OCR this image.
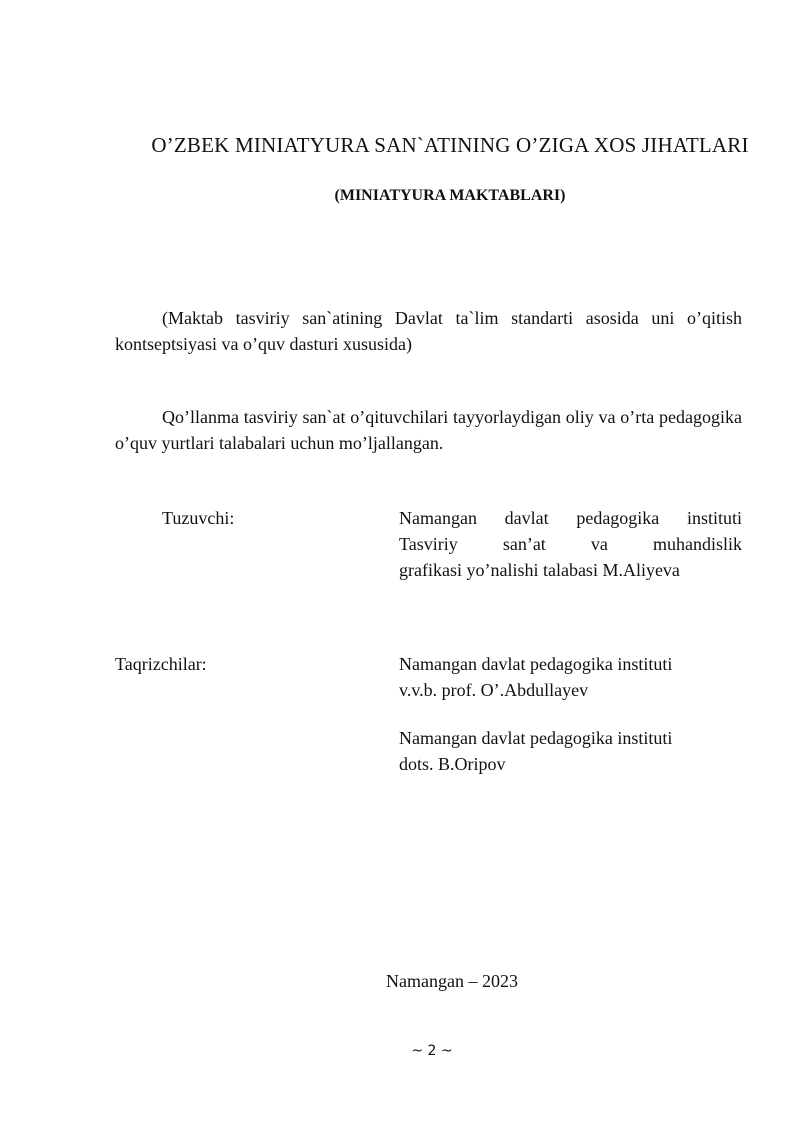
O’ZBEK MINIATYURA SAN`ATINING O’ZIGA XOS JIHATLARI
(MINIATYURA MAKTABLARI)
(Maktab tasviriy san`atining Davlat ta`lim standarti asosida uni o’qitish kontseptsiyasi va o’quv dasturi xususida)
Qo’llanma tasviriy san`at o’qituvchilari tayyorlaydigan oliy va o’rta pedagogika o’quv yurtlari talabalari uchun mo’ljallangan.
Tuzuvchi:	Namangan davlat pedagogika instituti
Tasviriy san’at va muhandislik
grafikasi yo’nalishi talabasi M.Aliyeva
Taqrizchilar:	Namangan davlat pedagogika instituti
v.v.b. prof. O’.Abdullayev
Namangan davlat pedagogika instituti
dots. B.Oripov
Namangan – 2023
~ 2 ~
